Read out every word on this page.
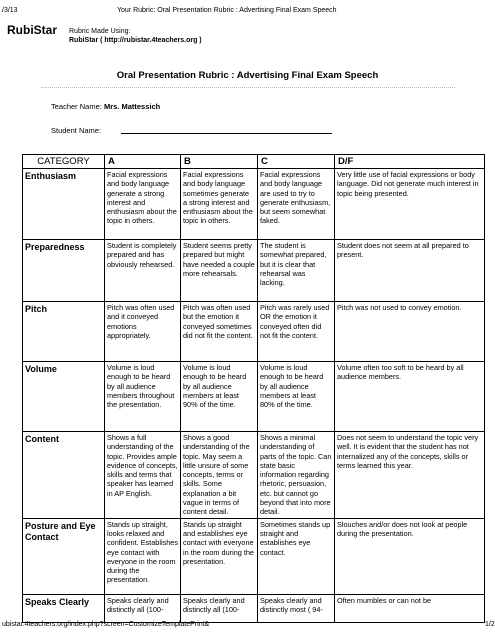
/3/13	Your Rubric: Oral Presentation Rubric : Advertising Final Exam Speech
RubiStar Rubric Made Using:
RubiStar ( http://rubistar.4teachers.org )
Oral Presentation Rubric : Advertising Final Exam Speech
Teacher Name: Mrs. Mattessich
Student Name:
CATEGORY	A	B	C	D/F
Enthusiasm	Facial expressions and body language generate a strong interest and enthusiasm about the topic in others.	Facial expressions and body language sometimes generate a strong interest and enthusiasm about the topic in others.	Facial expressions and body language are used to try to generate enthusiasm, but seem somewhat faked.	Very little use of facial expressions or body language. Did not generate much interest in topic being presented.
Preparedness	Student is completely prepared and has obviously rehearsed.	Student seems pretty prepared but might have needed a couple more rehearsals.	The student is somewhat prepared, but it is clear that rehearsal was lacking.	Student does not seem at all prepared to present.
Pitch	Pitch was often used and it conveyed emotions appropriately.	Pitch was often used but the emotion it conveyed sometimes did not fit the content.	Pitch was rarely used OR the emotion it conveyed often did not fit the content.	Pitch was not used to convey emotion.
Volume	Volume is loud enough to be heard by all audience members throughout the presentation.	Volume is loud enough to be heard by all audience members at least 90% of the time.	Volume is loud enough to be heard by all audience members at least 80% of the time.	Volume often too soft to be heard by all audience members.
Content	Shows a full understanding of the topic. Provides ample evidence of concepts, skills and terms that speaker has learned in AP English.	Shows a good understanding of the topic. May seem a little unsure of some concepts, terms or skills. Some explanation a bit vague in terms of content detail.	Shows a minimal understanding of parts of the topic. Can state basic information regarding rhetoric, persuasion, etc. but cannot go beyond that into more detail.	Does not seem to understand the topic very well. It is evident that the student has not internalized any of the concepts, skills or terms learned this year.
Posture and Eye Contact	Stands up straight, looks relaxed and confident. Establishes eye contact with everyone in the room during the presentation.	Stands up straight and establishes eye contact with everyone in the room during the presentation.	Sometimes stands up straight and establishes eye contact.	Slouches and/or does not look at people during the presentation.
Speaks Clearly	Speaks clearly and distinctly all (100-	Speaks clearly and distinctly all (100-	Speaks clearly and distinctly most ( 94-	Often mumbles or can not be
ubistar.4teachers.org/index.php?screen=CustomizeTemplatePrint&	1/2
